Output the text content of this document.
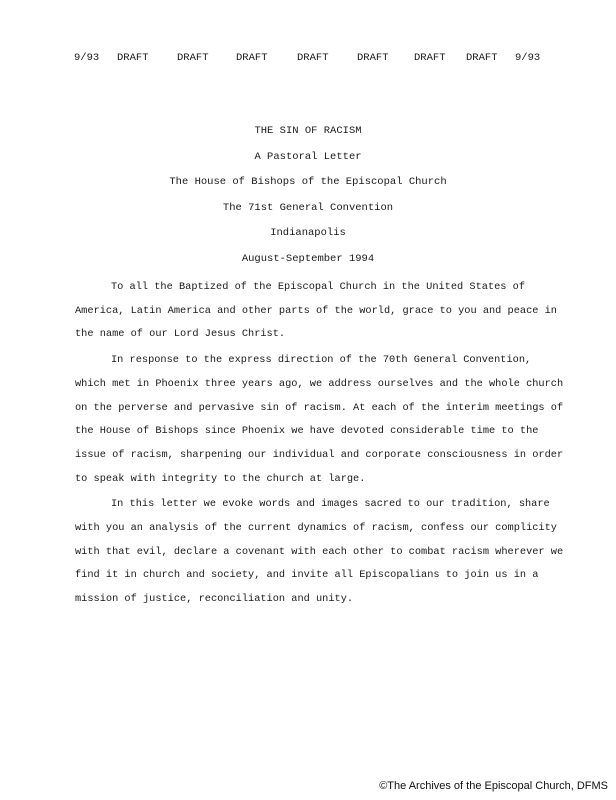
9/93 DRAFT	DRAFT	DRAFT	DRAFT	DRAFT DRAFT DRAFT 9/93
THE SIN OF RACISM
A Pastoral Letter
The House of Bishops of the Episcopal Church
The 71st General Convention
Indianapolis
August-September 1994

To all the Baptized of the Episcopal Church in the United States of America, Latin America and other parts of the world, grace to you and peace in the name of our Lord Jesus Christ.

In response to the express direction of the 70th General Convention, which met in Phoenix three years ago, we address ourselves and the whole church on the perverse and pervasive sin of racism. At each of the interim meetings of the House of Bishops since Phoenix we have devoted considerable time to the issue of racism, sharpening our individual and corporate consciousness in order to speak with integrity to the church at large.

In this letter we evoke words and images sacred to our tradition, share with you an analysis of the current dynamics of racism, confess our complicity with that evil, declare a covenant with each other to combat racism wherever we find it in church and society, and invite all Episcopalians to join us in a mission of justice, reconciliation and unity.

©The Archives of the Episcopal Church, DFMS
